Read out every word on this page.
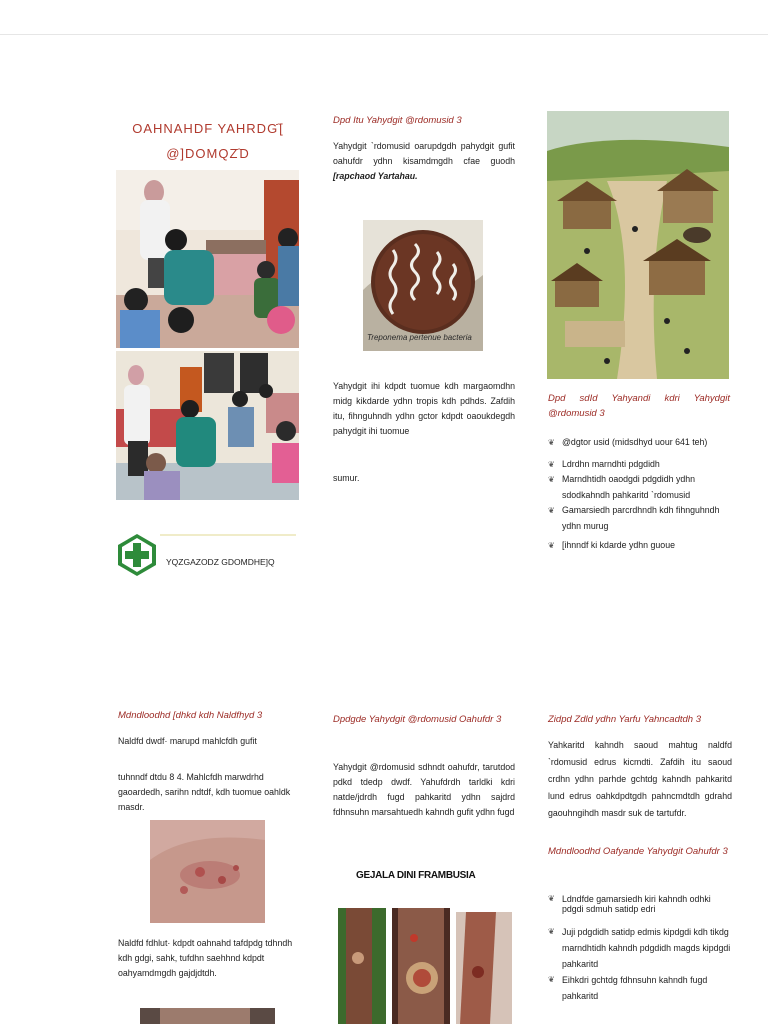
OAHNAHDF YAHRDG҄[
@]DOMQZ҄D
YQZGAZODZ GDOMDHE]Q
Mdndloodhd [dhkd kdh Naldfhyd 3
Naldfd dwdf· marupd mahlcfdh gufit
tuhnndf dtdu 8 4. Mahlcfdh marwdrhd gaoardedh, sarihn ndtdf, kdh tuomue oahldk masdr.
Naldfd fdhlut· kdpdt oahnahd tafdpdg tdhndh kdh gdgi, sahk, tufdhn saehhnd kdpdt oahyamdmgdh gajdjdtdh.
Dpd Itu Yahydgit @rdomusid 3
Yahydgit `rdomusid oarupdgdh pahydgit gufit oahufdr ydhn kisamdmgdh cfae guodh [rapchaod Yartahau.
Treponema pertenue bacteria
Yahydgit ihi kdpdt tuomue kdh margaomdhn midg kikdarde ydhn tropis kdh pdhds. Zafdih itu, fihnguhndh ydhn gctor kdpdt oaoukdegdh pahydgit ihi tuomue
sumur.
Dpdgde Yahydgit @rdomusid Oahufdr 3
Yahydgit @rdomusid sdhndt oahufdr, tarutdod pdkd tdedp dwdf. Yahufdrdh tarldki kdri natde/jdrdh fugd pahkaritd ydhn sajdrd fdhnsuhn marsahtuedh kahndh gufit ydhn fugd
GEJALA DINI FRAMBUSIA
Dpd sdId Yahyandi kdri Yahydgit @rdomusid 3
❦ @dgtor usid (midsdhyd uour 641 teh)
❦ Ldrdhn marndhti pdgdidh
❦ Marndhtidh oaodgdi pdgdidh ydhn sdodkahndh pahkaritd `rdomusid
❦ Gamarsiedh parcrdhndh kdh fihnguhndh ydhn murug
❦ [ihnndf ki kdarde ydhn guoue
Zidpd Zdld ydhn Yarfu Yahncadtdh 3
Yahkaritd kahndh saoud mahtug naldfd `rdomusid edrus kicmdti. Zafdih itu saoud crdhn ydhn parhde gchtdg kahndh pahkaritd lund edrus oahkdpdtgdh pahncmdtdh gdrahd gaouhngihdh masdr suk de tartufdr.
Mdndloodhd Oafyande Yahydgit Oahufdr 3
❦ Ldndfde gamarsiedh kiri kahndh odhki pdgdi sdmuh satidp edri
❦ Juji pdgdidh satidp edmis kipdgdi kdh tikdg marndhtidh kahndh pdgdidh magds kipdgdi pahkaritd
❦ Eihkdri gchtdg fdhnsuhn kahndh fugd pahkaritd
